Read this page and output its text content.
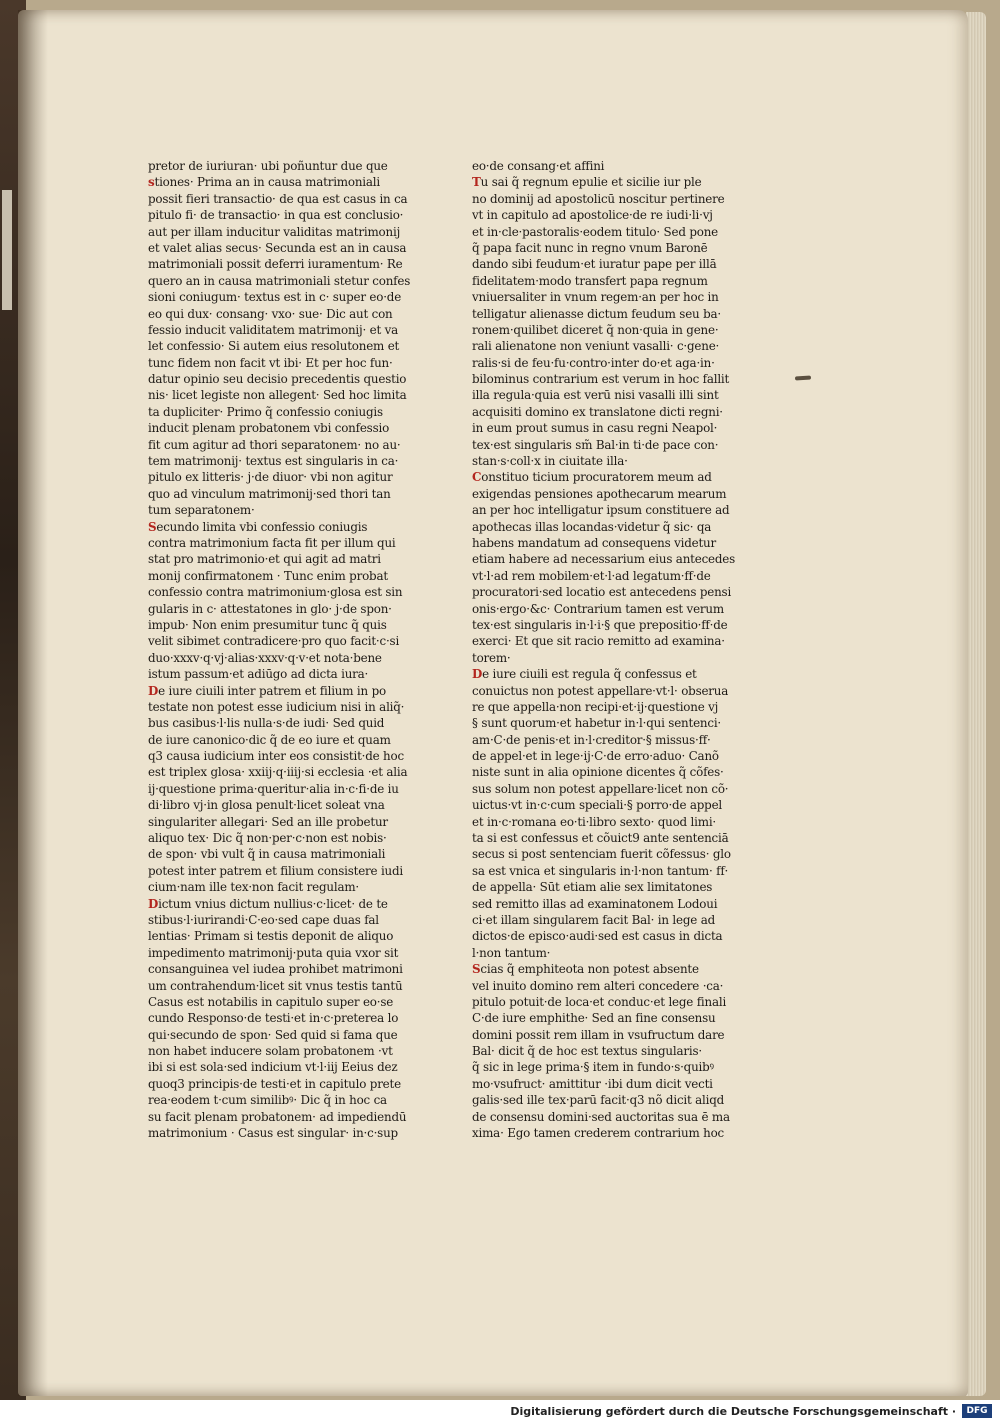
pretor de iuriuran· ubi poñuntur due que
stiones· Prima an in causa matrimoniali
possit fieri transactio· de qua est casus in ca
pitulo fi· de transactio· in qua est conclusio·
aut per illam inducitur validitas matrimonij
et valet alias secus· Secunda est an in causa
matrimoniali possit deferri iuramentum· Re
quero an in causa matrimoniali stetur confes
sioni coniugum· textus est in c· super eo·de
eo qui dux· consang· vxo· sue· Dic aut con
fessio inducit validitatem matrimonij· et va
let confessio· Si autem eius resolutonem et
tunc fidem non facit vt ibi· Et per hoc fun·
datur opinio seu decisio precedentis questio
nis· licet legiste non allegent· Sed hoc limita
ta dupliciter· Primo q̃ confessio coniugis
inducit plenam probatonem vbi confessio
fit cum agitur ad thori separatonem· no au·
tem matrimonij· textus est singularis in ca·
pitulo ex litteris· j·de diuor· vbi non agitur
quo ad vinculum matrimonij·sed thori tan
tum separatonem·
Secundo limita vbi confessio coniugis
contra matrimonium facta fit per illum qui
stat pro matrimonio·et qui agit ad matri
monij confirmatonem · Tunc enim probat
confessio contra matrimonium·glosa est sin
gularis in c· attestatones in glo· j·de spon·
impub· Non enim presumitur tunc q̃ quis
velit sibimet contradicere·pro quo facit·c·si
duo·xxxv·q·vj·alias·xxxv·q·v·et nota·bene
istum passum·et adiūgo ad dicta iura·
De iure ciuili inter patrem et filium in po
testate non potest esse iudicium nisi in aliq̃·
bus casibus·l·lis nulla·s·de iudi· Sed quid
de iure canonico·dic q̃ de eo iure et quam
q3 causa iudicium inter eos consistit·de hoc
est triplex glosa· xxiij·q·iiij·si ecclesia ·et alia
ij·questione prima·queritur·alia in·c·fi·de iu
di·libro vj·in glosa penult·licet soleat vna
singulariter allegari· Sed an ille probetur
aliquo tex· Dic q̃ non·per·c·non est nobis·
de spon· vbi vult q̃ in causa matrimoniali
potest inter patrem et filium consistere iudi
cium·nam ille tex·non facit regulam·
Dictum vnius dictum nullius·c·licet· de te
stibus·l·iurirandi·C·eo·sed cape duas fal
lentias· Primam si testis deponit de aliquo
impedimento matrimonij·puta quia vxor sit
consanguinea vel iudea prohibet matrimoni
um contrahendum·licet sit vnus testis tantū
Casus est notabilis in capitulo super eo·se
cundo Responso·de testi·et in·c·preterea lo
qui·secundo de spon· Sed quid si fama que
non habet inducere solam probatonem ·vt
ibi si est sola·sed indicium vt·l·iij Eeius dez
quoq3 principis·de testi·et in capitulo prete
rea·eodem t·cum similibꝰ· Dic q̃ in hoc ca
su facit plenam probatonem· ad impediendū
matrimonium · Casus est singular· in·c·sup
eo·de consang·et affini
Tu sai q̃ regnum epulie et sicilie iur ple
no dominij ad apostolicū noscitur pertinere
vt in capitulo ad apostolice·de re iudi·li·vj
et in·cle·pastoralis·eodem titulo· Sed pone
q̃ papa facit nunc in regno vnum Baronē
dando sibi feudum·et iuratur pape per illā
fidelitatem·modo transfert papa regnum
vniuersaliter in vnum regem·an per hoc in
telligatur alienasse dictum feudum seu ba·
ronem·quilibet diceret q̃ non·quia in gene·
rali alienatone non veniunt vasalli· c·gene·
ralis·si de feu·fu·contro·inter do·et aga·in·
bilominus contrarium est verum in hoc fallit
illa regula·quia est verū nisi vasalli illi sint
acquisiti domino ex translatone dicti regni·
in eum prout sumus in casu regni Neapol·
tex·est singularis sm̃ Bal·in ti·de pace con·
stan·s·coll·x in ciuitate illa·
Constituo ticium procuratorem meum ad
exigendas pensiones apothecarum mearum
an per hoc intelligatur ipsum constituere ad
apothecas illas locandas·videtur q̃ sic· qa
habens mandatum ad consequens videtur
etiam habere ad necessarium eius antecedes
vt·l·ad rem mobilem·et·l·ad legatum·ff·de
procuratori·sed locatio est antecedens pensi
onis·ergo·&c· Contrarium tamen est verum
tex·est singularis in·l·i·§ que prepositio·ff·de
exerci· Et que sit racio remitto ad examina·
torem·
De iure ciuili est regula q̃ confessus et
conuictus non potest appellare·vt·l· obserua
re que appella·non recipi·et·ij·questione vj
§ sunt quorum·et habetur in·l·qui sentenci·
am·C·de penis·et in·l·creditor·§ missus·ff·
de appel·et in lege·ij·C·de erro·aduo· Canõ
niste sunt in alia opinione dicentes q̃ cõfes·
sus solum non potest appellare·licet non cõ·
uictus·vt in·c·cum speciali·§ porro·de appel
et in·c·romana eo·ti·libro sexto· quod limi·
ta si est confessus et cõuict9 ante sentenciā
secus si post sentenciam fuerit cõfessus· glo
sa est vnica et singularis in·l·non tantum· ff·
de appella· Sūt etiam alie sex limitatones
sed remitto illas ad examinatonem Lodoui
ci·et illam singularem facit Bal· in lege ad
dictos·de episco·audi·sed est casus in dicta
l·non tantum·
Scias q̃ emphiteota non potest absente
vel inuito domino rem alteri concedere ·ca·
pitulo potuit·de loca·et conduc·et lege finali
C·de iure emphithe· Sed an fine consensu
domini possit rem illam in vsufructum dare
Bal· dicit q̃ de hoc est textus singularis·
q̃ sic in lege prima·§ item in fundo·s·quibꝰ
mo·vsufruct· amittitur ·ibi dum dicit vecti
galis·sed ille tex·parū facit·q3 nõ dicit aliqd
de consensu domini·sed auctoritas sua ē ma
xima· Ego tamen crederem contrarium hoc
Digitalisierung gefördert durch die Deutsche Forschungsgemeinschaft ·	DFG
